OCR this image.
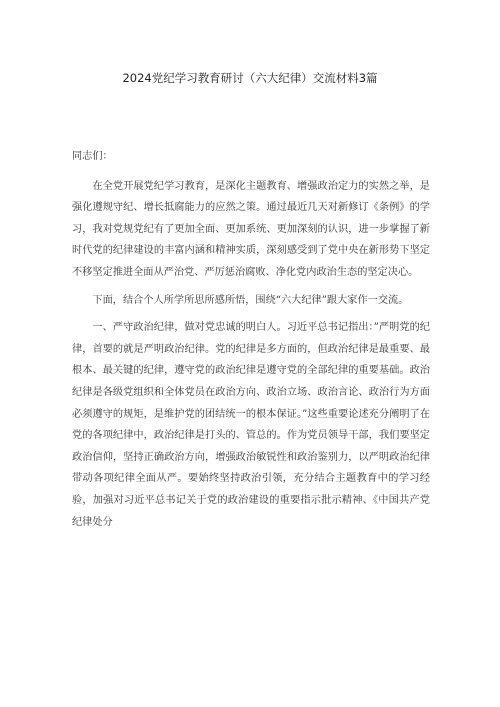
2024党纪学习教育研讨（六大纪律）交流材料3篇

同志们：

在全党开展党纪学习教育，是深化主题教育、增强政治定力的实然之举，是强化遵规守纪、增长抵腐能力的应然之策。通过最近几天对新修订《条例》的学习，我对党规党纪有了更加全面、更加系统、更加深刻的认识，进一步掌握了新时代党的纪律建设的丰富内涵和精神实质，深刻感受到了党中央在新形势下坚定不移坚定推进全面从严治党、严厉惩治腐败、净化党内政治生态的坚定决心。

下面，结合个人所学所思所感所悟，围绕“六大纪律”跟大家作一交流。

一、严守政治纪律，做对党忠诚的明白人。习近平总书记指出：”严明党的纪律，首要的就是严明政治纪律。党的纪律是多方面的，但政治纪律是最重要、最根本、最关键的纪律，遵守党的政治纪律是遵守党的全部纪律的重要基础。政治纪律是各级党组织和全体党员在政治方向、政治立场、政治言论、政治行为方面必须遵守的规矩，是维护党的团结统一的根本保证。”这些重要论述充分阐明了在党的各项纪律中，政治纪律是打头的、管总的。作为党员领导干部，我们要坚定政治信仰，坚持正确政治方向，增强政治敏锐性和政治鉴别力，以严明政治纪律带动各项纪律全面从严。要始终坚持政治引领，充分结合主题教育中的学习经验，加强对习近平总书记关于党的政治建设的重要指示批示精神、《中国共产党纪律处分
